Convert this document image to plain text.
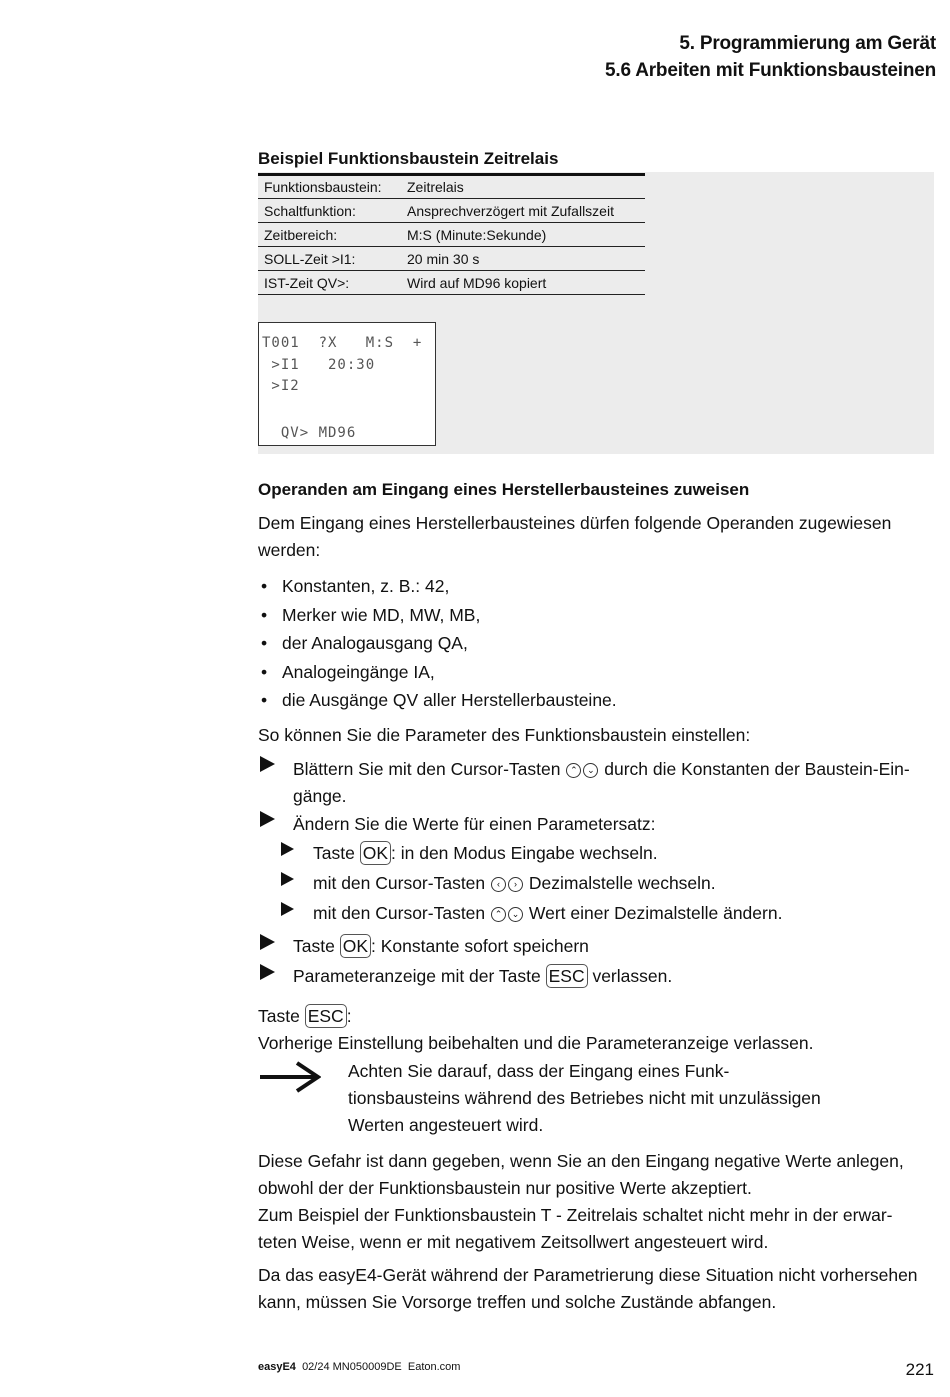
5. Programmierung am Gerät
5.6 Arbeiten mit Funktionsbausteinen
Beispiel Funktionsbaustein Zeitrelais
Funktionsbaustein:	Zeitrelais
Schaltfunktion:	Ansprechverzögert mit Zufallszeit
Zeitbereich:	M:S (Minute:Sekunde)
SOLL-Zeit >I1:	20 min 30 s
IST-Zeit QV>:	Wird auf MD96 kopiert
T001  ?X   M:S  +
>I1   20:30
>I2
QV> MD96
Operanden am Eingang eines Herstellerbausteines zuweisen
Dem Eingang eines Herstellerbausteines dürfen folgende Operanden zugewiesen werden:
• Konstanten, z. B.: 42,
• Merker wie MD, MW, MB,
• der Analogausgang QA,
• Analogeingänge IA,
• die Ausgänge QV aller Herstellerbausteine.
So können Sie die Parameter des Funktionsbaustein einstellen:
Blättern Sie mit den Cursor-Tasten ⌃ ⌄ durch die Konstanten der Baustein-Ein-
gänge.
Ändern Sie die Werte für einen Parametersatz:
Taste OK : in den Modus Eingabe wechseln.
mit den Cursor-Tasten ‹ › Dezimalstelle wechseln.
mit den Cursor-Tasten ⌃ ⌄ Wert einer Dezimalstelle ändern.
Taste OK : Konstante sofort speichern
Parameteranzeige mit der Taste ESC verlassen.
Taste ESC :
Vorherige Einstellung beibehalten und die Parameteranzeige verlassen.
Achten Sie darauf, dass der Eingang eines Funk-
tionsbausteins während des Betriebes nicht mit unzulässigen
Werten angesteuert wird.
Diese Gefahr ist dann gegeben, wenn Sie an den Eingang negative Werte anlegen,
obwohl der der Funktionsbaustein nur positive Werte akzeptiert.
Zum Beispiel der Funktionsbaustein T - Zeitrelais schaltet nicht mehr in der erwar-
teten Weise, wenn er mit negativem Zeitsollwert angesteuert wird.
Da das easyE4-Gerät während der Parametrierung diese Situation nicht vorhersehen
kann, müssen Sie Vorsorge treffen und solche Zustände abfangen.
easyE4 02/24 MN050009DE Eaton.com	221
